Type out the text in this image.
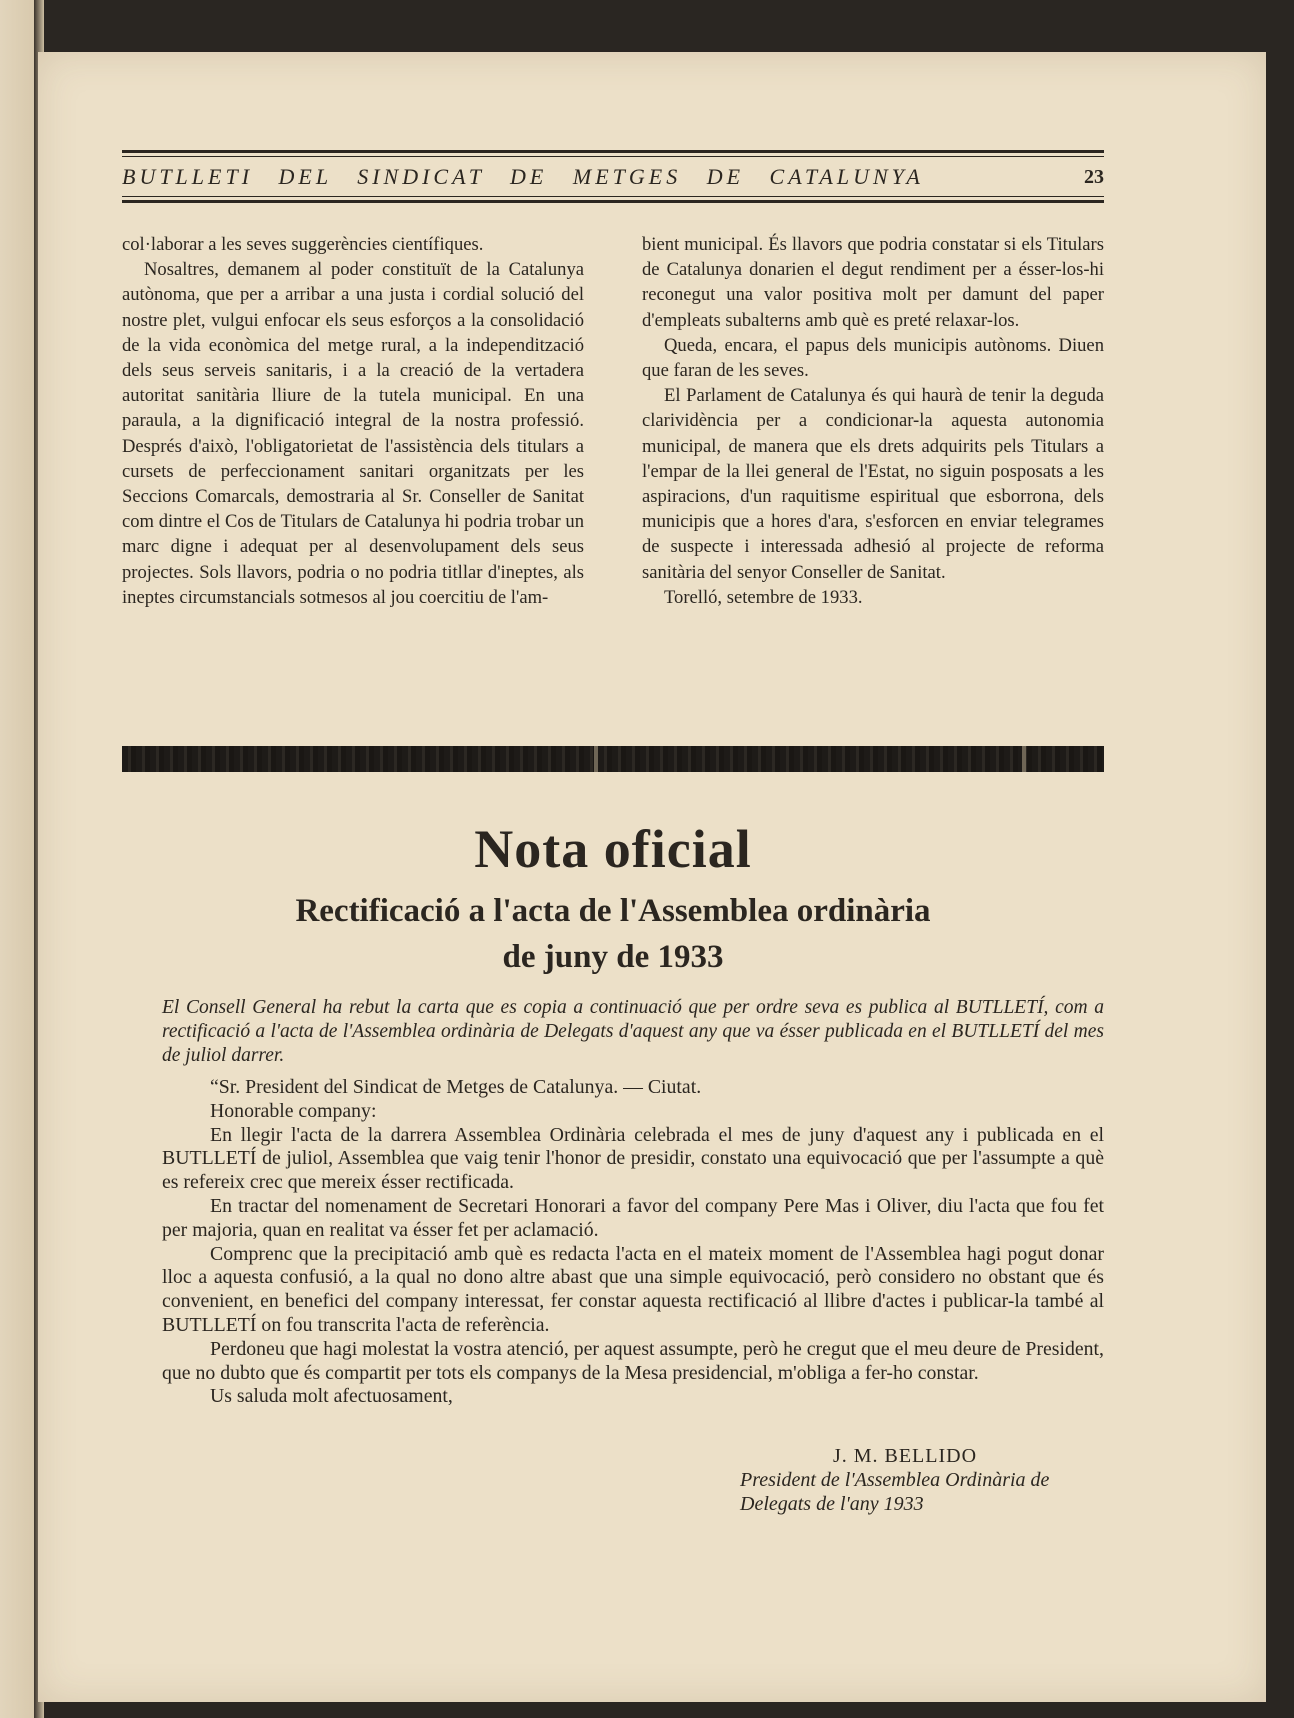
BUTLLETI DEL SINDICAT DE METGES DE CATALUNYA	23

col·laborar a les seves suggerències científiques.

Nosaltres, demanem al poder constituït de la Catalunya autònoma, que per a arribar a una justa i cordial solució del nostre plet, vulgui enfocar els seus esforços a la consolidació de la vida econòmica del metge rural, a la independització dels seus serveis sanitaris, i a la creació de la vertadera autoritat sanitària lliure de la tutela municipal. En una paraula, a la dignificació integral de la nostra professió. Després d'això, l'obligatorietat de l'assistència dels titulars a cursets de perfeccionament sanitari organitzats per les Seccions Comarcals, demostraria al Sr. Conseller de Sanitat com dintre el Cos de Titulars de Catalunya hi podria trobar un marc digne i adequat per al desenvolupament dels seus projectes. Sols llavors, podria o no podria titllar d'ineptes, als ineptes circumstancials sotmesos al jou coercitiu de l'am-

bient municipal. És llavors que podria constatar si els Titulars de Catalunya donarien el degut rendiment per a ésser-los-hi reconegut una valor positiva molt per damunt del paper d'empleats subalterns amb què es preté relaxar-los.

Queda, encara, el papus dels municipis autònoms. Diuen que faran de les seves.

El Parlament de Catalunya és qui haurà de tenir la deguda clarividència per a condicionar-la aquesta autonomia municipal, de manera que els drets adquirits pels Titulars a l'empar de la llei general de l'Estat, no siguin posposats a les aspiracions, d'un raquitisme espiritual que esborrona, dels municipis que a hores d'ara, s'esforcen en enviar telegrames de suspecte i interessada adhesió al projecte de reforma sanitària del senyor Conseller de Sanitat.

Torelló, setembre de 1933.

Nota oficial
Rectificació a l'acta de l'Assemblea ordinària
de juny de 1933
El Consell General ha rebut la carta que es copia a continuació que per ordre seva es publica al BUTLLETÍ, com a rectificació a l'acta de l'Assemblea ordinària de Delegats d'aquest any que va ésser publicada en el BUTLLETÍ del mes de juliol darrer.

“Sr. President del Sindicat de Metges de Catalunya. — Ciutat.

Honorable company:

En llegir l'acta de la darrera Assemblea Ordinària celebrada el mes de juny d'aquest any i publicada en el BUTLLETÍ de juliol, Assemblea que vaig tenir l'honor de presidir, constato una equivocació que per l'assumpte a què es refereix crec que mereix ésser rectificada.

En tractar del nomenament de Secretari Honorari a favor del company Pere Mas i Oliver, diu l'acta que fou fet per majoria, quan en realitat va ésser fet per aclamació.

Comprenc que la precipitació amb què es redacta l'acta en el mateix moment de l'Assemblea hagi pogut donar lloc a aquesta confusió, a la qual no dono altre abast que una simple equivocació, però considero no obstant que és convenient, en benefici del company interessat, fer constar aquesta rectificació al llibre d'actes i publicar-la també al BUTLLETÍ on fou transcrita l'acta de referència.

Perdoneu que hagi molestat la vostra atenció, per aquest assumpte, però he cregut que el meu deure de President, que no dubto que és compartit per tots els companys de la Mesa presidencial, m'obliga a fer-ho constar.

Us saluda molt afectuosament,

J. M. BELLIDO
President de l'Assemblea Ordinària de Delegats de l'any 1933
